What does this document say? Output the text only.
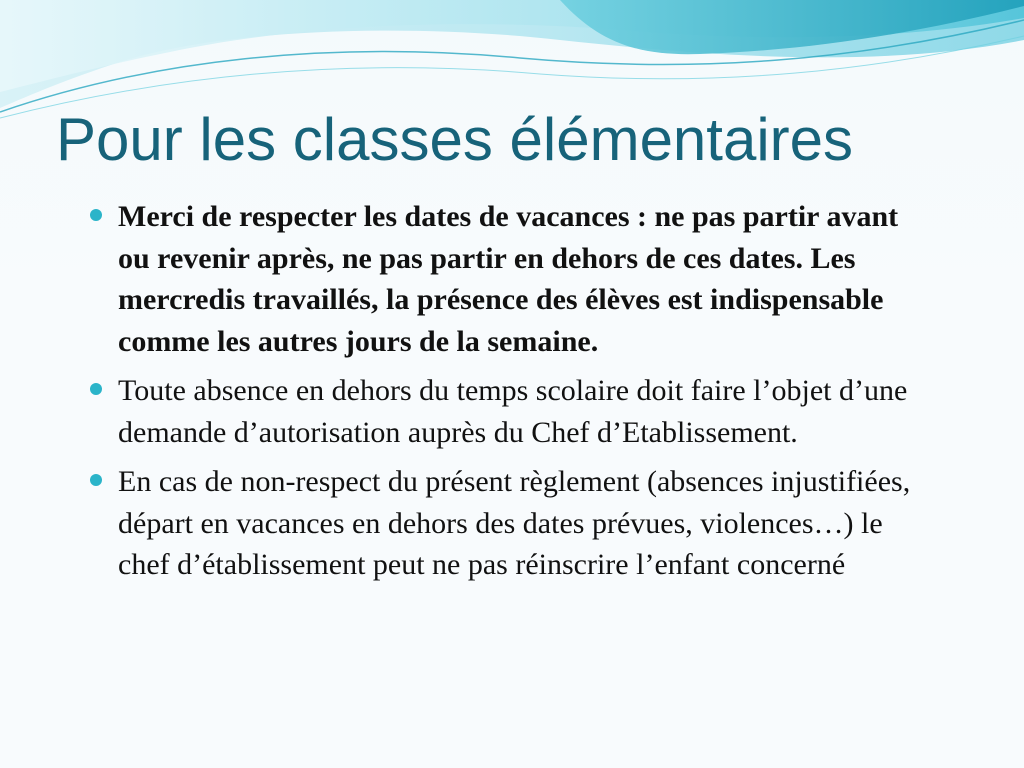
Pour les classes élémentaires
Merci de respecter les dates de vacances : ne pas partir avant ou revenir après, ne pas partir en dehors de ces dates. Les mercredis travaillés, la présence des élèves est indispensable comme les autres jours de la semaine.
Toute absence en dehors du temps scolaire doit faire l’objet d’une demande d’autorisation auprès du Chef d’Etablissement.
En cas de non-respect du présent règlement (absences injustifiées, départ en vacances en dehors des dates prévues, violences…) le chef d’établissement peut ne pas réinscrire l’enfant concerné
